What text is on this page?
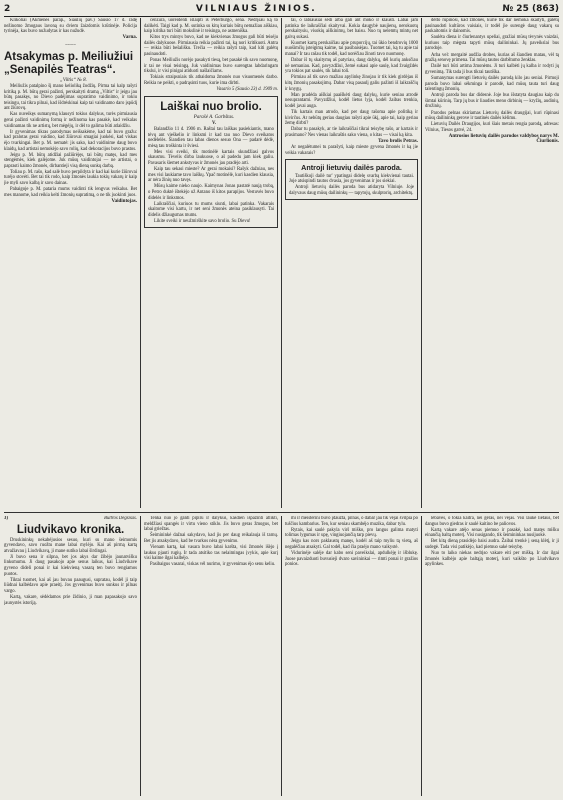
2	VILNIAUS ŽINIOS.	№ 25 (863)

Klikoliai (Akmenės parap., Šiaulių pav.) Sausio 17 d. radę nežinomo žmogaus lavoną su dviem žaizdomis krūtinėje. Policija tyrinėja, kas buvo nužudytas ir kas nužudė.

Varna.

~~~~
Atsakymas p. Meiliužiui „Senapilės Teatras“.

„Viltis“ № 8.

Meiliužis patalpino šį mano kelioliką žodžių. Pirma tai kalp rašyti kritiką p. M. būtų gerai pažinti, perskaityti dramą „Viltis“ ir jeigu jau būtų pasakęs, no Dievo padėjimas supratimo vaidinimo, ir tokiu teisingu, tai tikra pilnai, kad išdrėskinai kaip tai vaidinamo daro įspūdį ant žiūrovų.

Kas nuveikęs sumanymą klausyti tokius dalykus, turės pirmiausia gerai pažinti vaidinimų formą ir nežinoma kas pasakė, kad veikalas vaidinamas tik ne artistų, bet mėgėjų, ir dėl to galima būti atlaidžiu.

Ir gyvenimas tikras parodymas neišsakėme, kad tai buvo gražu: kad pralotas gerai vaidino, kad žiūrovai smagiai juokėsi, kad viskas ėjo tvarkingai. Bet p. M. nematė: jis sako, kad vaidinime daug buvo klaidų, kad artistai nemokėjo savo rolių, kad dekoracijos buvo prastos.

Jeigu p. M. būtų atidžiai pažiūrėjęs, tai būtų matęs, kad mes stengėmės, kiek galėjome. Juk mūsų vaidintojai — ne artistai, o paprasti kaimo žmonės, dirbantieji visą dieną sunkų darbą.

Toliau p. M. rašo, kad salė buvo perpildyta ir kad kai kurie žiūrovai turėjo stovėti. Bet tai tik rodo, kaip žmonės laukia tokių vakarų ir kaip jie myli savo kalbą ir savo dainas.

Pabaigoje p. M. pataria mums vaidinti tik lengvus veikalus. Bet mes manome, kad reikia kelti žmonių supratimą, o ne tik juokinti juos.

Vaidintojas.

cenzūra, uoreidenti išlaipti iš Peterburgo, sena. Nedrįsau ką to dalikėti. Taigi kad p. M. sutinka su kitų kuriais būtų nemažiau aiškiau, kaip kritika turi būti mokslinė ir teisinga, ne asmeniška.

Kitos trys mintys buvo, kad ne kiekvienas žmogus gali būti teisėju dailės dalykuose. Pirmiausia reikia pažinti tai, ką nori kritikuoti. Antra — reikia būti bešališku. Trečia — reikia rašyti taip, kad kiti galėtų pasinaudoti.

Ponas Meiliužis norėjo pasakyti tiesą, bet pasakė tik savo nuomonę, ir tai ne visai teisingą. Juk vaidinimas buvo surengtas labdaringam tikslui, ir visi pinigai atiduoti našlaičiams.

Tokiais straipsniais tik atbaidoma žmonės nuo visuomenės darbo. Reikia ne peikti, o padrąsinti tuos, kurie ima dirbti.

Vasario 5 (Sausio 23) d. 1909 m.

Laiškai nuo brolio.

Parašė A. Garbštas.

V.

Balandžio 11 d. 1906 m. Raštai tau laiškas pasiekiantis, mano tėvų ant vieškelio ir linksmi ir kad tau nuo Dievo sveikatos nedėlelės. Šiandien tau labas dienos sesuo Ona — padarė dėdė, mėsą tau troškinta ir šviesi.

Mes visi sveiki, tik motinėlė kartais skundžiasi galvos skausmu. Tėvelis dirba laukuose, o aš padedu jam kiek galiu. Pavasaris šiemet ankstyvas ir žmonės jau pradėjo arti.

Kaip tau sekasi mieste? Ar gerai mokaisi? Rašyk dažniau, nes mes visi laukiame tavo laiškų. Ypač motinėlė, kuri kasdien klausia, ar nėra žinių nuo tavęs.

Mūsų kaime nieko naujo. Kaimynas Jonas pastatė naują trobą, o Petro duktė ištekėjo už Antano iš kitos parapijos. Vestuvės buvo didelės ir linksmos.

Laikraščiai, kuriuos tu mums siunti, labai patinka. Vakarais skaitome visi kartu, ir net seni žmonės ateina pasiklausyti. Tai didelis džiaugsmas mums.

Likite sveiki ir neužmirškite savo brolio. Su Dievu!

tai, o labiausiai sėdi arba gali ant moko ir klausti. Labai jam patinka tie laikraščiai skaityvai. Kokia daugybė naujienų, nerokuotų perskaitysiu, visokių aiškinimų, bet baisu. Nuo tų nelemtų mintų net galvą sukasi.

Kuomet kartą perskaičiau apie pruporcijų, tai ūkio bendrovių 1000 nuošimčių įsteigimą kaime, tai pasibaisėjau. Tuomet tai, ką tu apie tai manai? Ir tau rašau tik todėl, kad norėčiau žinoti tavo nuomonę.

Dabar iš tų skaitymų aš patyriau, daug dalykų, dėl kurių anksčiau nė nemaniau. Kad, pavyzdžiui, žemė sukasi apie saulę, kad žvaigždės yra tokios pat saulės, tik labai toli.

Pirmiau aš tik savo mažiau apylinkę žinojau ir tik kiek girdėjau iš kitų žmonių pasakojimų. Dabar visą pasaulį galiu pažinti iš laikraščių ir knygų.

Man pradėda aiškiai paaiškėti daug dalykų, kurie seniau atrodė nesuprantami. Pavyzdžiui, kodėl lietus lyja, kodėl žaibas trenkia, kodėl javai auga.

Tik kartais man atrodo, kad per daug rašoma apie politiką ir kivirčus. Ar nebūtų geriau daugiau rašyti apie ūkį, apie tai, kaip geriau žemę dirbti?

Dabar tu pasakyk, ar tie laikraščiai tikrai teisybę rašo, ar kartais ir prasimano? Nes vienas laikraštis sako viena, o kitas — visai ką kita.

Tavo brolis Petras.

Ar negalėtumei tu parašyti, kaip mieste gyvena žmonės ir ką jie veikia vakarais?

Antroji lietuvių dailės paroda.

Tautiškoji dailė tur' ypatingai didelę svarbą kiekvienai tautai. Joje atsispindi tautos dvasia, jos gyvenimas ir jos siekiai.

Antroji lietuvių dailės paroda bus atidaryta Vilniuje. Joje dalyvaus daug mūsų dailininkų — tapytojų, skulptorių, architektų.

dėlto rūpinosi, kad žmonės, kurie tik dar nemoka skaityti, galėtų pasinaudoti kultūros vaisiais, ir todėl jie surengė daug vakarų su paskaitomis ir dainomis.

Saulėta diena ir čiurlenantys upeliai, gražiai mūsų tėvynės vaizdai, kuriuos taip mėgsta tapyti mūsų dailininkai. Jų paveikslai bus parodoje.

Arba vel: mergaitė audžia drobes, kurias aš šiandien matau, vėl tą gražią senovę primena. Tai mūsų tautos darbštumo ženklas.

Dailė turi būti artima žmonėms. Ji turi kalbėti jų kalba ir rodyti jų gyvenimą. Tik tada ji bus tikrai tautiška.

Sumanymas surengti lietuvių dailės parodą kilo jau seniai. Pirmoji paroda buvo labai sėkminga ir parodė, kad mūsų tauta turi daug talentingų žmonių.

Antroji paroda bus dar didesnė. Joje bus išstatyta daugiau kaip du šimtai kūrinių. Tarp jų bus ir liaudies meno dirbinių — kryžių, audinių, drožinių.

Parodos pelnas skiriamas Lietuvių dailės draugijai, kuri rūpinasi mūsų dailininkų gerove ir tautinės dailės kėlimu.

Lietuvių Dailės Draugijos, kuri šiais metais rengia parodą, adresas: Vilnius, Tiesos gatvė, 24.

Antrosios lietuvių dailės parodos valdybos narys M. Čiurlionis.

3)	Bultros Degšišas.
Liudvikavo kronika.

Druskininkų nekabėjusios sesuo, kuri su mano šeimomis gyvendavo, savo ruožtu mane labai mylėjo. Kai aš pirmą kartą atvažiavau į Liudvikavą, ji mane sutiko labai širdingai.

Ji buvo sena ir silpna, bet jos akys dar žibėjo jaunatvišku linksmumu. Ji daug pasakojo apie senus laikus, kai Liudvikave gyveno dideli ponai ir kai kiekvieną vasarą ten buvo rengiamos puotos.

Tiktai tuomet, kai aš jau buvau paaugusi, supratau, kodėl ji taip liūdnai kalbėdavo apie praeitį. Jos gyvenimas buvo sunkus ir pilnas vargo.

Kartą, vakare, sėdėdamos prie židinio, ji man papasakojo savo jaunystės istoriją.

Tenka nuo jo ganti pipiru ir dalykus, kasdien išpažinti atlikti, meldžiasi spangės ir virtu vieno stiklo. Jis buvo geras žmogus, bet labai griežtas.

Šeimininkė dažnai sakydavo, kad jis per daug reikalauja iš tarnų. Bet jis atsakydavo, kad be tvarkos nėra gyvenimo.

Vienam kartą, kai vasara buvo labai karšta, visi žmonės išėjo į laukus pjauti rugių. Ir tada atsitiko tas nelaimingas įvykis, apie kurį visi kaime ilgai kalbėjo.

Pasibaigus vasarai, viskas vėl nurimo, ir gyvenimas ėjo senu keliu.

mi ir meisterini buvo įdaužta, pilnas, o dabar jau tik vėjai švilpia po tuščius kambarius. Ten, kur seniau skambėjo muzika, dabar tylu.

Rytais, kai saulė pakyla virš miško, pro langus galima matyti tolimas lygumas ir upę, vingiuojančią tarp pievų.

Jeigu kas nors paklaustų manęs, kodėl aš taip myliu tą vietą, aš negalėčiau atsakyti. Gal todėl, kad čia praėjo mano vaikystė.

Vidurinėje salėje dar kabo seni paveikslai, apdulkėję ir išblukę. Juose pavaizduoti buvusieji dvaro savininkai — rimti ponai ir gražios ponios.

lėbaves, o tokia kaitra, nei geras, nei vėjas. Visi laukė lietaus, bet dangus buvo giedras ir saulė kaitino be paliovos.

Kartą vakare atėjo senas piemuo ir pasakė, kad matęs mišku einančią baltą moterį. Visi nusigando, tik šeimininkas nusijuokė.

Bet kitą dieną prasidėjo baisi audra. Žaibai trenkė į seną klėtį, ir ji sudegė. Tada visi patikėjo, kad piemuo sakė teisybę.

Nuo to laiko niekas nedrįso vakare eiti per mišką. Ir dar ilgai žmonės kalbėjo apie baltąją moterį, kuri vaikšto po Liudvikavo apylinkes.
